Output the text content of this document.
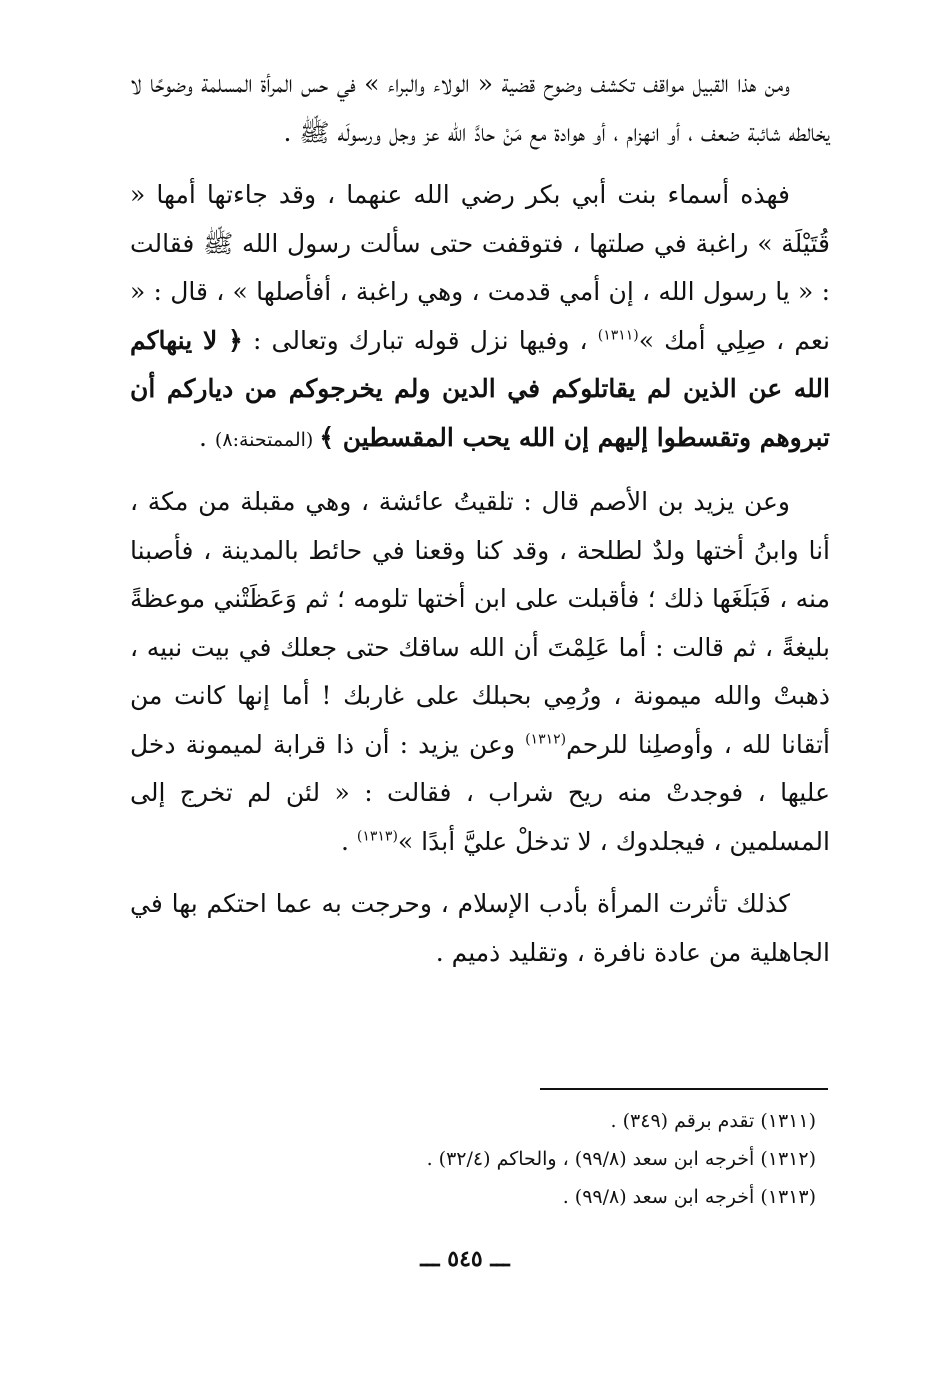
ومن هذا القبيل مواقف تكشف وضوح قضية « الولاء والبراء » في حس المرأة المسلمة وضوحًا لا يخالطه شائبة ضعف ، أو انهزام ، أو هوادة مع مَنْ حادَّ الله عز وجل ورسولَه ﷺ .

فهذه أسماء بنت أبي بكر رضي الله عنهما ، وقد جاءتها أمها « قُتَيْلَة » راغبة في صلتها ، فتوقفت حتى سألت رسول الله ﷺ فقالت : « يا رسول الله ، إن أمي قدمت ، وهي راغبة ، أفأصلها » ، قال : « نعم ، صِلِي أمك »$^{(١٣١١)}$ ، وفيها نزل قوله تبارك وتعالى : ﴿ لا ينهاكم الله عن الذين لم يقاتلوكم في الدين ولم يخرجوكم من دياركم أن تبروهم وتقسطوا إليهم إن الله يحب المقسطين ﴾ (الممتحنة:٨) .

وعن يزيد بن الأصم قال : تلقيتُ عائشة ، وهي مقبلة من مكة ، أنا وابنُ أختها ولدٌ لطلحة ، وقد كنا وقعنا في حائط بالمدينة ، فأصبنا منه ، فَبَلَغَها ذلك ؛ فأقبلت على ابن أختها تلومه ؛ ثم وَعَظَتْني موعظةً بليغةً ، ثم قالت : أما عَلِمْتَ أن الله ساقك حتى جعلك في بيت نبيه ، ذهبتْ والله ميمونة ، ورُمِي بحبلك على غاربك ! أما إنها كانت من أتقانا لله ، وأوصلِنا للرحم$^{(١٣١٢)}$ وعن يزيد : أن ذا قرابة لميمونة دخل عليها ، فوجدتْ منه ريح شراب ، فقالت : « لئن لم تخرج إلى المسلمين ، فيجلدوك ، لا تدخلْ عليَّ أبدًا »$^{(١٣١٣)}$ .

كذلك تأثرت المرأة بأدب الإسلام ، وحرجت به عما احتكم بها في الجاهلية من عادة نافرة ، وتقليد ذميم .

(١٣١١) تقدم برقم (٣٤٩) .

(١٣١٢) أخرجه ابن سعد (٩٩/٨) ، والحاكم (٣٢/٤) .

(١٣١٣) أخرجه ابن سعد (٩٩/٨) .

ـــ ٥٤٥ ـــ
